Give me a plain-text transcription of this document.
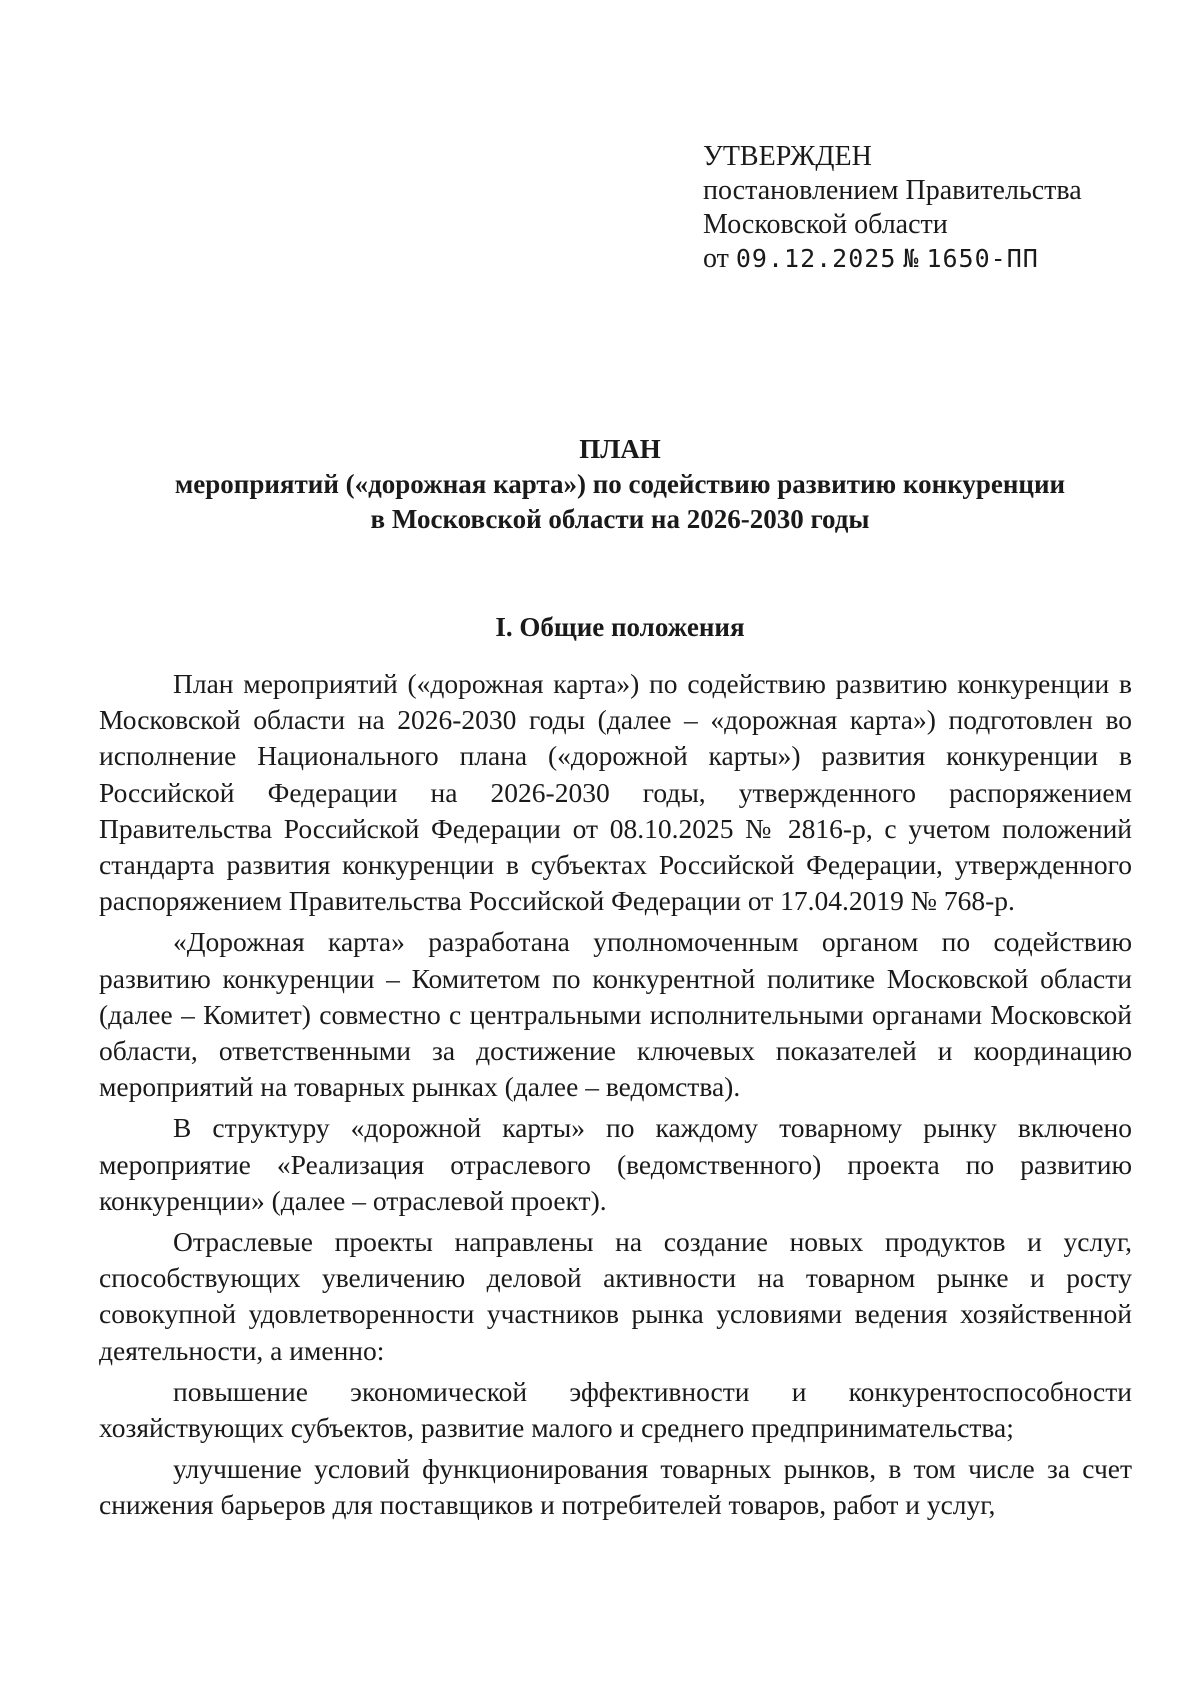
УТВЕРЖДЕН
постановлением Правительства
Московской области
от 09.12.2025 № 1650-ПП
ПЛАН
мероприятий («дорожная карта») по содействию развитию конкуренции
в Московской области на 2026-2030 годы
I. Общие положения

План мероприятий («дорожная карта») по содействию развитию конкуренции в Московской области на 2026-2030 годы (далее – «дорожная карта») подготовлен во исполнение Национального плана («дорожной карты») развития конкуренции в Российской Федерации на 2026-2030 годы, утвержденного распоряжением Правительства Российской Федерации от 08.10.2025 № 2816-р, с учетом положений стандарта развития конкуренции в субъектах Российской Федерации, утвержденного распоряжением Правительства Российской Федерации от 17.04.2019 № 768-р.

«Дорожная карта» разработана уполномоченным органом по содействию развитию конкуренции – Комитетом по конкурентной политике Московской области (далее – Комитет) совместно с центральными исполнительными органами Московской области, ответственными за достижение ключевых показателей и координацию мероприятий на товарных рынках (далее – ведомства).

В структуру «дорожной карты» по каждому товарному рынку включено мероприятие «Реализация отраслевого (ведомственного) проекта по развитию конкуренции» (далее – отраслевой проект).

Отраслевые проекты направлены на создание новых продуктов и услуг, способствующих увеличению деловой активности на товарном рынке и росту совокупной удовлетворенности участников рынка условиями ведения хозяйственной деятельности, а именно:

повышение экономической эффективности и конкурентоспособности хозяйствующих субъектов, развитие малого и среднего предпринимательства;

улучшение условий функционирования товарных рынков, в том числе за счет снижения барьеров для поставщиков и потребителей товаров, работ и услуг,
